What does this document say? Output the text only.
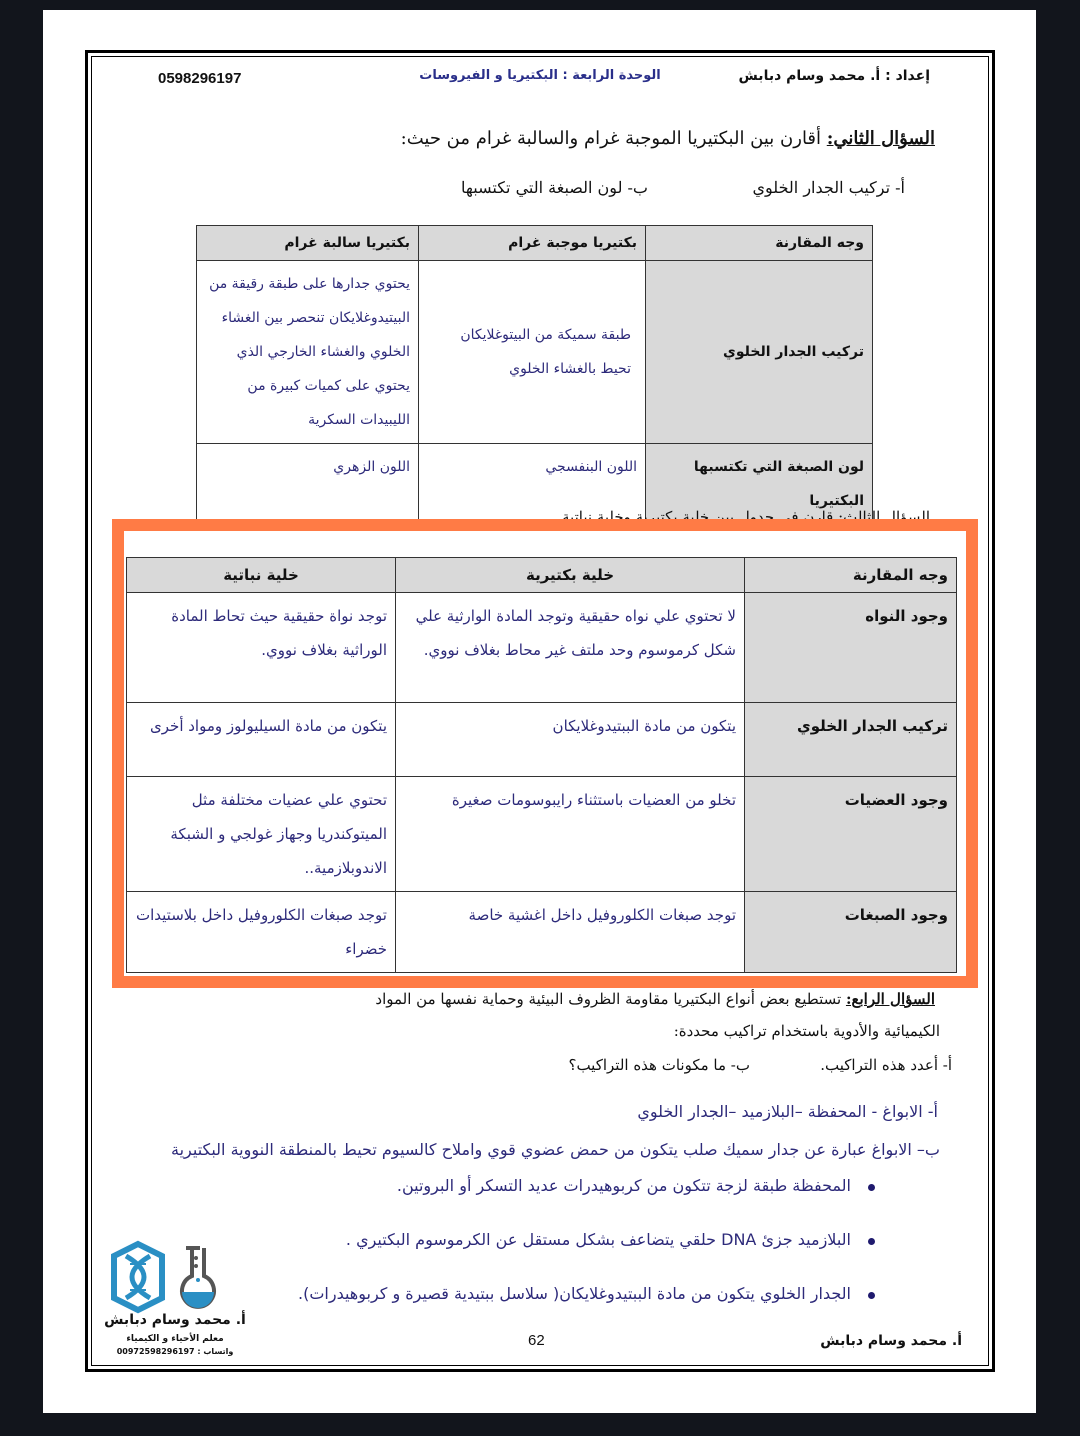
إعداد : أ. محمد وسام دبابش
الوحدة الرابعة : البكتيريا و الفيروسات
0598296197
السؤال الثاني: أقارن بين البكتيريا الموجبة غرام والسالبة غرام من حيث:
أ- تركيب الجدار الخلوي
ب- لون الصبغة التي تكتسبها
وجه المقارنة	بكتيريا موجبة غرام	بكتيريا سالبة غرام
تركيب الجدار الخلوي	طبقة سميكة من البيتوغلايكان تحيط بالغشاء الخلوي	يحتوي جدارها على طبقة رقيقة من البيتيدوغلايكان تنحصر بين الغشاء الخلوي والغشاء الخارجي الذي يحتوي على كميات كبيرة من الليبيدات السكرية
لون الصبغة التي تكتسبها البكتيريا	اللون البنفسجي	اللون الزهري
السؤال الثالث: قارن في جدول بين خلية بكتيرية وخلية نباتية
وجه المقارنة	خلية بكتيرية	خلية نباتية
وجود النواه	لا تحتوي علي نواه حقيقية وتوجد المادة الوارثية علي شكل كرموسوم وحد ملتف غير محاط بغلاف نووي.	توجد نواة حقيقية حيث تحاط المادة الوراثية بغلاف نووي.
تركيب الجدار الخلوي	يتكون من مادة الببتيدوغلايكان	يتكون من مادة السيليولوز ومواد أخرى
وجود العضيات	تخلو من العضيات باستثناء رايبوسومات صغيرة	تحتوي علي عضيات مختلفة مثل الميتوكندريا وجهاز غولجي و الشبكة الاندوبلازمية..
وجود الصبغات	توجد صبغات الكلوروفيل داخل اغشية خاصة	توجد صبغات الكلوروفيل داخل بلاستيدات خضراء
السؤال الرابع: تستطيع بعض أنواع البكتيريا مقاومة الظروف البيئية وحماية نفسها من المواد
الكيميائية والأدوية باستخدام تراكيب محددة:
أ- أعدد هذه التراكيب.
ب- ما مكونات هذه التراكيب؟
أ- الابواغ - المحفظة –البلازميد –الجدار الخلوي
ب– الابواغ عبارة عن جدار سميك صلب يتكون من حمض عضوي قوي واملاح كالسيوم تحيط بالمنطقة النووية البكتيرية
المحفظة طبقة لزجة تتكون من كربوهيدرات عديد التسكر أو البروتين.
البلازميد جزئ DNA حلقي يتضاعف بشكل مستقل عن الكرموسوم البكتيري .
الجدار الخلوي يتكون من مادة الببتيدوغلايكان( سلاسل ببتيدية قصيرة و كربوهيدرات).
أ. محمد وسام دبابش
معلم الأحياء و الكيمياء
واتساب : 00972598296197
62	أ. محمد وسام دبابش
